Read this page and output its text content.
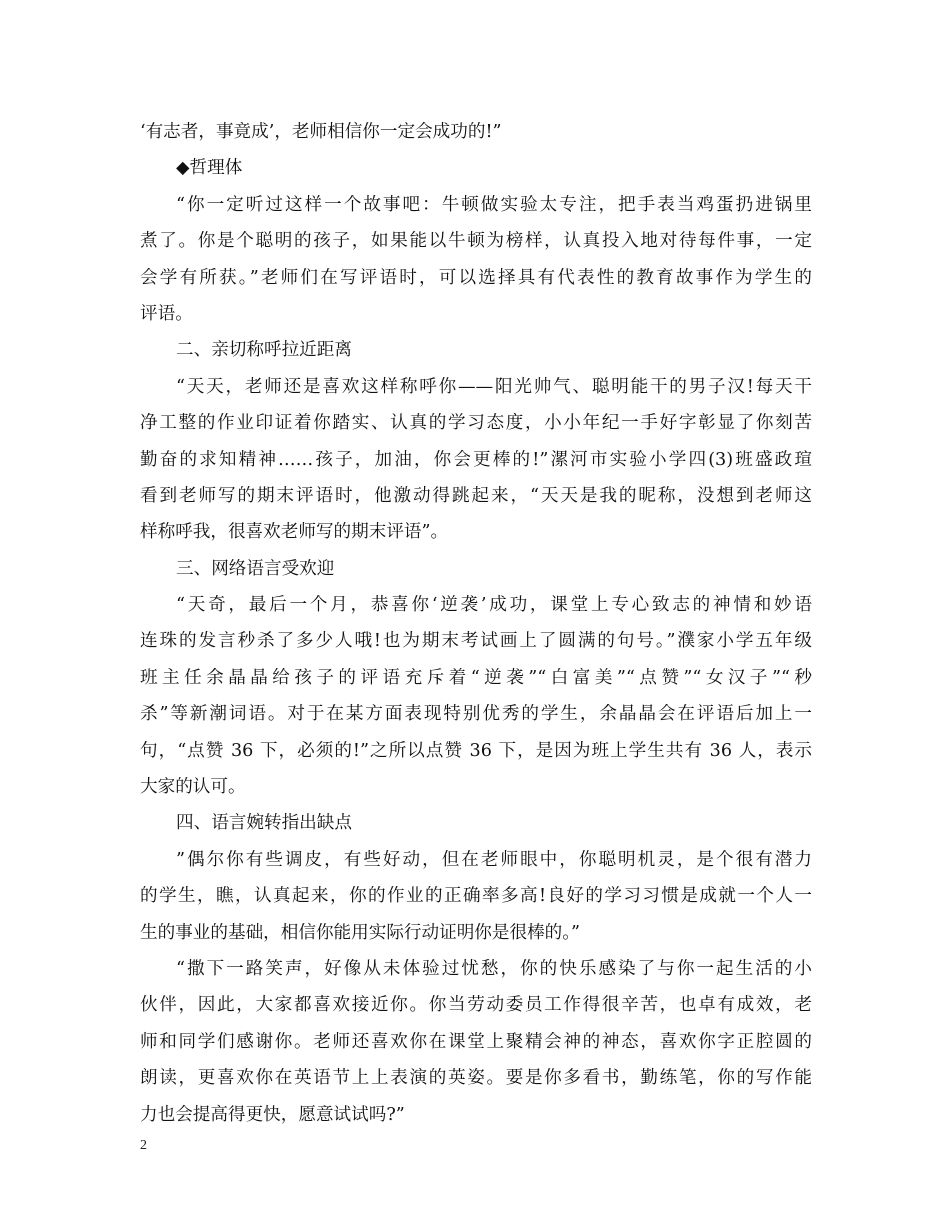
‘有志者，事竟成’，老师相信你一定会成功的!”
◆哲理体
“你一定听过这样一个故事吧：牛顿做实验太专注，把手表当鸡蛋扔进锅里
煮了。你是个聪明的孩子，如果能以牛顿为榜样，认真投入地对待每件事，一定
会学有所获。”老师们在写评语时，可以选择具有代表性的教育故事作为学生的
评语。
二、亲切称呼拉近距离
“天天，老师还是喜欢这样称呼你——阳光帅气、聪明能干的男子汉!每天干
净工整的作业印证着你踏实、认真的学习态度，小小年纪一手好字彰显了你刻苦
勤奋的求知精神……孩子，加油，你会更棒的!”漯河市实验小学四(3)班盛政瑄
看到老师写的期末评语时，他激动得跳起来，“天天是我的昵称，没想到老师这
样称呼我，很喜欢老师写的期末评语”。
三、网络语言受欢迎
“天奇，最后一个月，恭喜你‘逆袭’成功，课堂上专心致志的神情和妙语
连珠的发言秒杀了多少人哦!也为期末考试画上了圆满的句号。”濮家小学五年级
班主任余晶晶给孩子的评语充斥着“逆袭”“白富美”“点赞”“女汉子”“秒
杀”等新潮词语。对于在某方面表现特别优秀的学生，余晶晶会在评语后加上一
句，“点赞 36 下，必须的!”之所以点赞 36 下，是因为班上学生共有 36 人，表示
大家的认可。
四、语言婉转指出缺点
”偶尔你有些调皮，有些好动，但在老师眼中，你聪明机灵，是个很有潜力
的学生，瞧，认真起来，你的作业的正确率多高!良好的学习习惯是成就一个人一
生的事业的基础，相信你能用实际行动证明你是很棒的。”
“撒下一路笑声，好像从未体验过忧愁，你的快乐感染了与你一起生活的小
伙伴，因此，大家都喜欢接近你。你当劳动委员工作得很辛苦，也卓有成效，老
师和同学们感谢你。老师还喜欢你在课堂上聚精会神的神态，喜欢你字正腔圆的
朗读，更喜欢你在英语节上上表演的英姿。要是你多看书，勤练笔，你的写作能
力也会提高得更快，愿意试试吗?”
2
